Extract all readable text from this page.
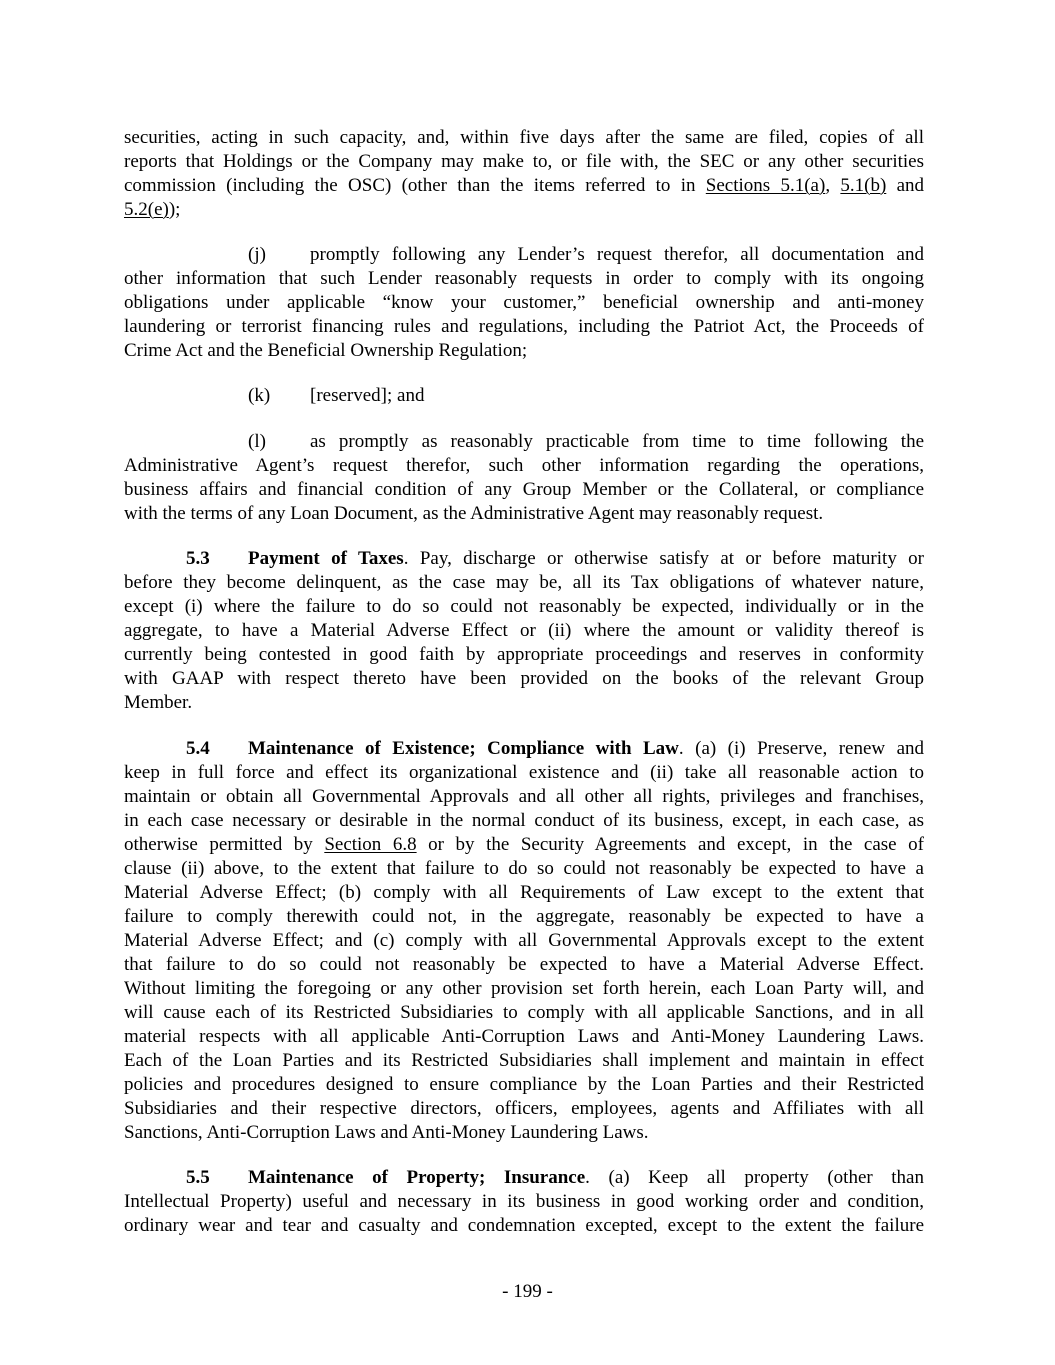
securities, acting in such capacity, and, within five days after the same are filed, copies of all
reports that Holdings or the Company may make to, or file with, the SEC or any other securities
commission (including the OSC) (other than the items referred to in Sections 5.1(a), 5.1(b) and
5.2(e));
(j) promptly following any Lender’s request therefor, all documentation and
other information that such Lender reasonably requests in order to comply with its ongoing
obligations under applicable “know your customer,” beneficial ownership and anti-money
laundering or terrorist financing rules and regulations, including the Patriot Act, the Proceeds of
Crime Act and the Beneficial Ownership Regulation;
(k) [reserved]; and
(l) as promptly as reasonably practicable from time to time following the
Administrative Agent’s request therefor, such other information regarding the operations,
business affairs and financial condition of any Group Member or the Collateral, or compliance
with the terms of any Loan Document, as the Administrative Agent may reasonably request.
5.3 Payment of Taxes. Pay, discharge or otherwise satisfy at or before maturity or
before they become delinquent, as the case may be, all its Tax obligations of whatever nature,
except (i) where the failure to do so could not reasonably be expected, individually or in the
aggregate, to have a Material Adverse Effect or (ii) where the amount or validity thereof is
currently being contested in good faith by appropriate proceedings and reserves in conformity
with GAAP with respect thereto have been provided on the books of the relevant Group
Member.
5.4 Maintenance of Existence; Compliance with Law. (a) (i) Preserve, renew and
keep in full force and effect its organizational existence and (ii) take all reasonable action to
maintain or obtain all Governmental Approvals and all other all rights, privileges and franchises,
in each case necessary or desirable in the normal conduct of its business, except, in each case, as
otherwise permitted by Section 6.8 or by the Security Agreements and except, in the case of
clause (ii) above, to the extent that failure to do so could not reasonably be expected to have a
Material Adverse Effect; (b) comply with all Requirements of Law except to the extent that
failure to comply therewith could not, in the aggregate, reasonably be expected to have a
Material Adverse Effect; and (c) comply with all Governmental Approvals except to the extent
that failure to do so could not reasonably be expected to have a Material Adverse Effect.
Without limiting the foregoing or any other provision set forth herein, each Loan Party will, and
will cause each of its Restricted Subsidiaries to comply with all applicable Sanctions, and in all
material respects with all applicable Anti-Corruption Laws and Anti-Money Laundering Laws.
Each of the Loan Parties and its Restricted Subsidiaries shall implement and maintain in effect
policies and procedures designed to ensure compliance by the Loan Parties and their Restricted
Subsidiaries and their respective directors, officers, employees, agents and Affiliates with all
Sanctions, Anti-Corruption Laws and Anti-Money Laundering Laws.
5.5 Maintenance of Property; Insurance. (a) Keep all property (other than
Intellectual Property) useful and necessary in its business in good working order and condition,
ordinary wear and tear and casualty and condemnation excepted, except to the extent the failure
- 199 -
